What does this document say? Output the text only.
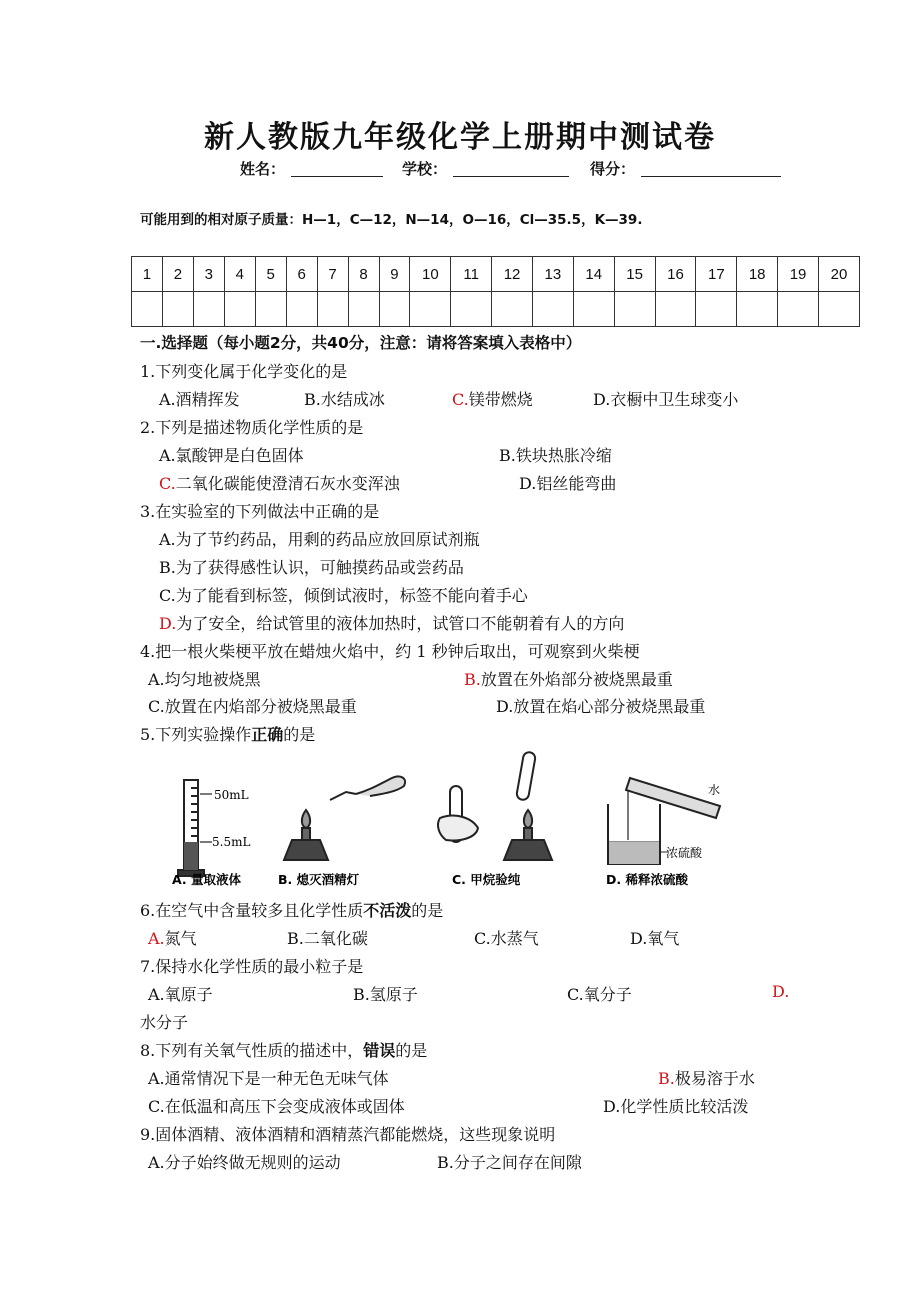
新人教版九年级化学上册期中测试卷
姓名：	学校：	得分：
可能用到的相对原子质量：H—1，C—12，N—14，O—16，Cl—35.5，K—39.
1	2	3	4	5	6	7	8	9	10	11	12	13	14	15	16	17	18	19	20

一.选择题（每小题2分，共40分，注意：请将答案填入表格中）
1.下列变化属于化学变化的是
A.酒精挥发	B.水结成冰	C.镁带燃烧	D.衣橱中卫生球变小
2.下列是描述物质化学性质的是
A.氯酸钾是白色固体	B.铁块热胀冷缩
C.二氧化碳能使澄清石灰水变浑浊	D.铝丝能弯曲
3.在实验室的下列做法中正确的是
A.为了节约药品，用剩的药品应放回原试剂瓶
B.为了获得感性认识，可触摸药品或尝药品
C.为了能看到标签，倾倒试液时，标签不能向着手心
D.为了安全，给试管里的液体加热时，试管口不能朝着有人的方向
4.把一根火柴梗平放在蜡烛火焰中，约 1 秒钟后取出，可观察到火柴梗
A.均匀地被烧黑	B.放置在外焰部分被烧黑最重
C.放置在内焰部分被烧黑最重	D.放置在焰心部分被烧黑最重
5.下列实验操作正确的是
50mL
5.5mL
A. 量取液体	B. 熄灭酒精灯	C. 甲烷验纯
水
浓硫酸
D. 稀释浓硫酸
6.在空气中含量较多且化学性质不活泼的是
A.氮气	B.二氧化碳	C.水蒸气	D.氧气
7.保持水化学性质的最小粒子是
A.氧原子	B.氢原子	C.氧分子	D.
水分子
8.下列有关氧气性质的描述中，错误的是
A.通常情况下是一种无色无味气体	B.极易溶于水
C.在低温和高压下会变成液体或固体	D.化学性质比较活泼
9.固体酒精、液体酒精和酒精蒸汽都能燃烧，这些现象说明
A.分子始终做无规则的运动	B.分子之间存在间隙
